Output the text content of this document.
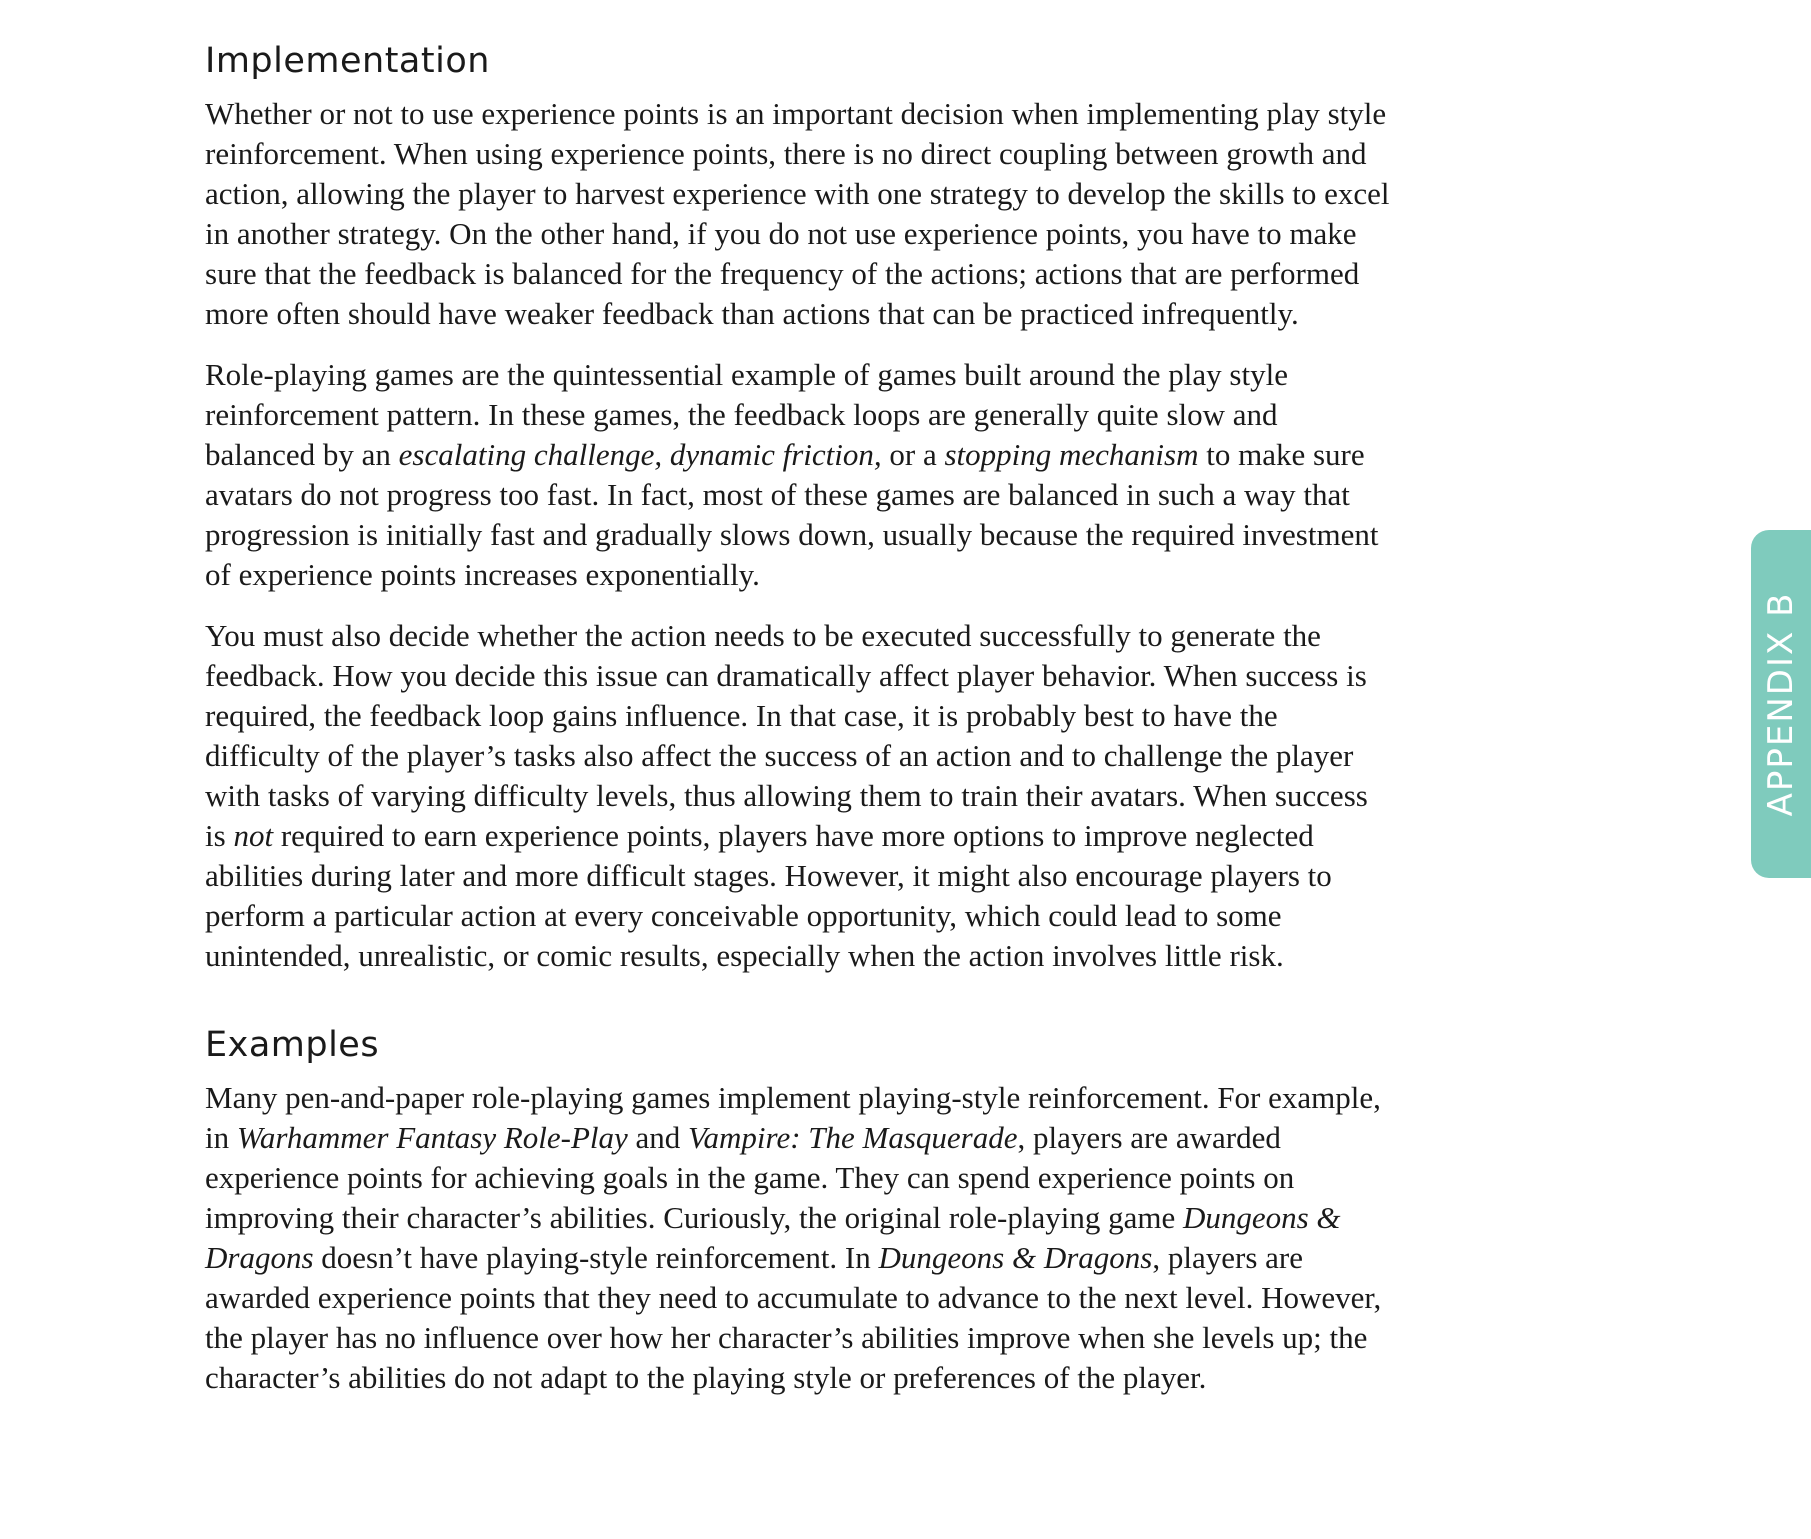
Implementation

Whether or not to use experience points is an important decision when implementing play style reinforcement. When using experience points, there is no direct coupling between growth and action, allowing the player to harvest experience with one strategy to develop the skills to excel in another strategy. On the other hand, if you do not use experience points, you have to make sure that the feedback is balanced for the frequency of the actions; actions that are performed more often should have weaker feedback than actions that can be practiced infrequently.

Role-playing games are the quintessential example of games built around the play style reinforcement pattern. In these games, the feedback loops are generally quite slow and balanced by an escalating challenge, dynamic friction, or a stopping mechanism to make sure avatars do not progress too fast. In fact, most of these games are balanced in such a way that progression is initially fast and gradually slows down, usually because the required investment of experience points increases exponentially.

You must also decide whether the action needs to be executed successfully to generate the feedback. How you decide this issue can dramatically affect player behavior. When success is required, the feedback loop gains influence. In that case, it is probably best to have the difficulty of the player’s tasks also affect the success of an action and to challenge the player with tasks of varying difficulty levels, thus allowing them to train their avatars. When success is not required to earn experience points, players have more options to improve neglected abilities during later and more difficult stages. However, it might also encourage players to perform a particular action at every conceivable opportunity, which could lead to some unintended, unrealistic, or comic results, especially when the action involves little risk.

Examples

Many pen-and-paper role-playing games implement playing-style reinforcement. For example, in Warhammer Fantasy Role-Play and Vampire: The Masquerade, players are awarded experience points for achieving goals in the game. They can spend experience points on improving their character’s abilities. Curiously, the original role-playing game Dungeons & Dragons doesn’t have playing-style reinforcement. In Dungeons & Dragons, players are awarded experience points that they need to accumulate to advance to the next level. However, the player has no influence over how her character’s abilities improve when she levels up; the character’s abilities do not adapt to the playing style or preferences of the player.

APPENDIX B
